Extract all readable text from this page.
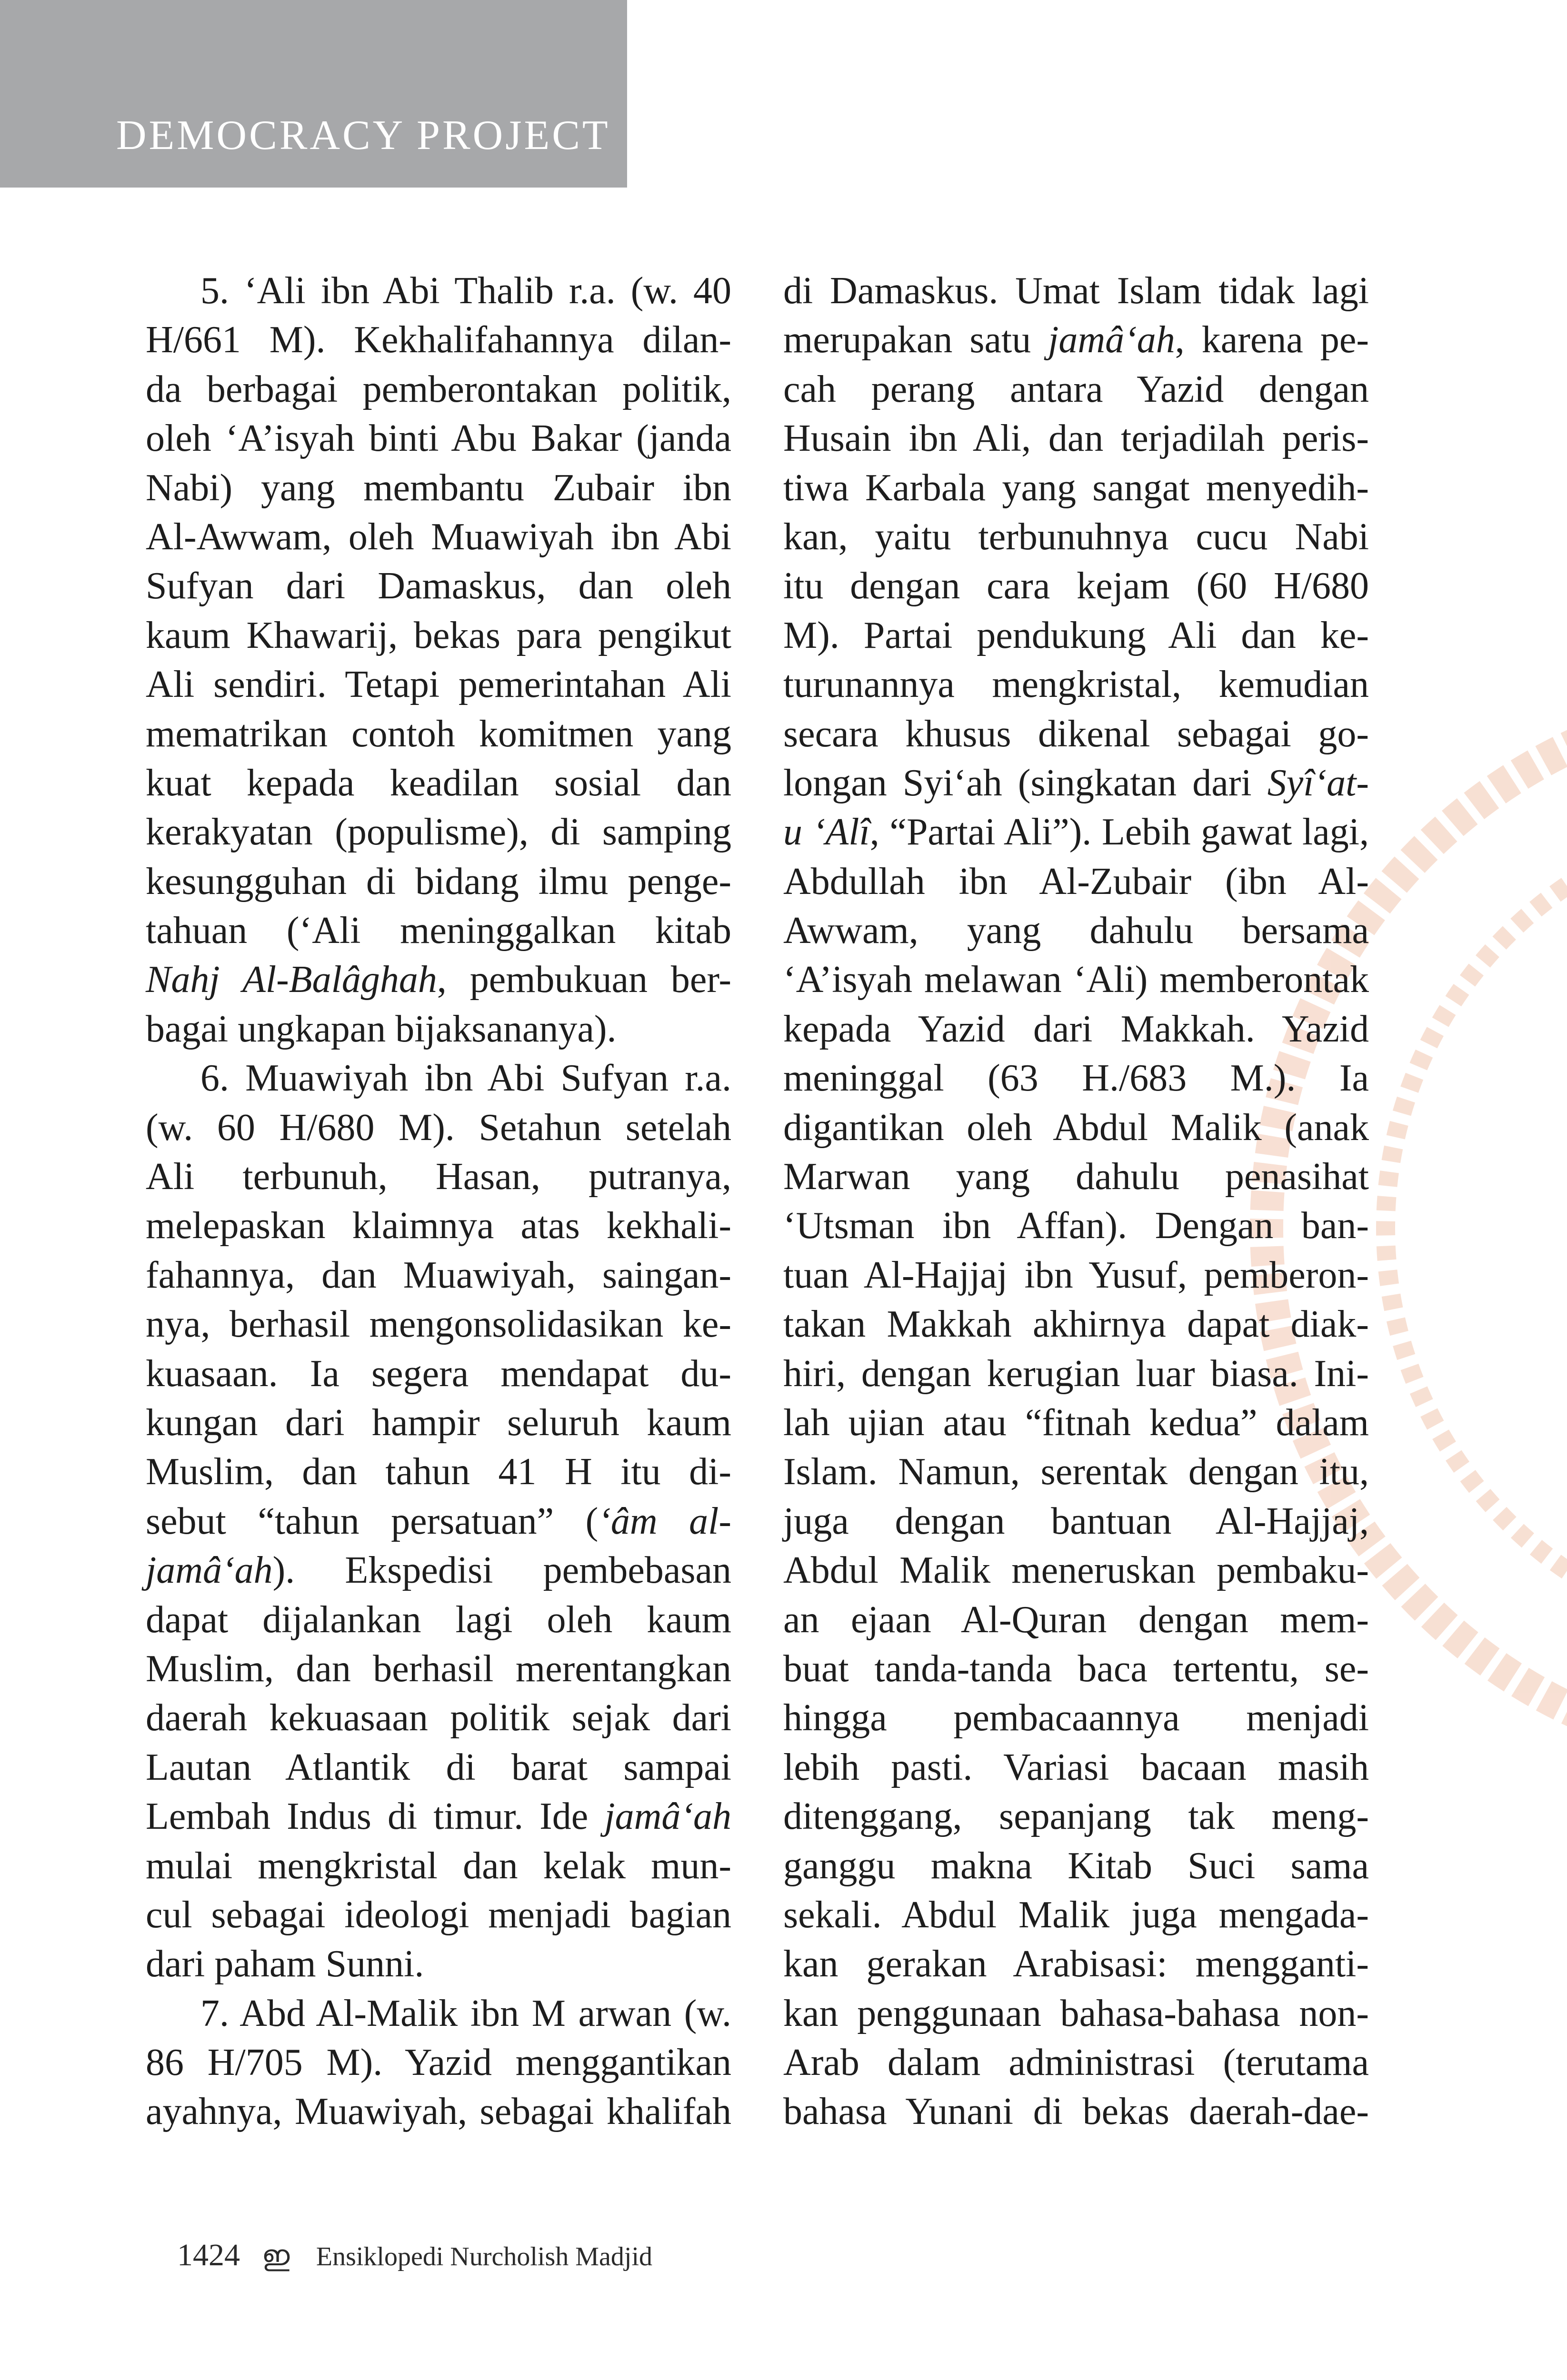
DEMOCRACY PROJECT
5. ‘Ali ibn Abi Thalib r.a. (w. 40
H/661 M). Kekhalifahannya dilan-
da berbagai pemberontakan politik,
oleh ‘A’isyah binti Abu Bakar (janda
Nabi) yang membantu Zubair ibn
Al-Awwam, oleh Muawiyah ibn Abi
Sufyan dari Damaskus, dan oleh
kaum Khawarij, bekas para pengikut
Ali sendiri. Tetapi pemerintahan Ali
mematrikan contoh komitmen yang
kuat kepada keadilan sosial dan
kerakyatan (populisme), di samping
kesungguhan di bidang ilmu penge-
tahuan (‘Ali meninggalkan kitab
Nahj Al-Balâghah, pembukuan ber-
bagai ungkapan bijaksananya).
6. Muawiyah ibn Abi Sufyan r.a.
(w. 60 H/680 M). Setahun setelah
Ali terbunuh, Hasan, putranya,
melepaskan klaimnya atas kekhali-
fahannya, dan Muawiyah, saingan-
nya, berhasil mengonsolidasikan ke-
kuasaan. Ia segera mendapat du-
kungan dari hampir seluruh kaum
Muslim, dan tahun 41 H itu di-
sebut “tahun persatuan” (‘âm al-
jamâ‘ah). Ekspedisi pembebasan
dapat dijalankan lagi oleh kaum
Muslim, dan berhasil merentangkan
daerah kekuasaan politik sejak dari
Lautan Atlantik di barat sampai
Lembah Indus di timur. Ide jamâ‘ah
mulai mengkristal dan kelak mun-
cul sebagai ideologi menjadi bagian
dari paham Sunni.
7. Abd Al-Malik ibn M arwan (w.
86 H/705 M). Yazid menggantikan
ayahnya, Muawiyah, sebagai khalifah
di Damaskus. Umat Islam tidak lagi
merupakan satu jamâ‘ah, karena pe-
cah perang antara Yazid dengan
Husain ibn Ali, dan terjadilah peris-
tiwa Karbala yang sangat menyedih-
kan, yaitu terbunuhnya cucu Nabi
itu dengan cara kejam (60 H/680
M). Partai pendukung Ali dan ke-
turunannya mengkristal, kemudian
secara khusus dikenal sebagai go-
longan Syi‘ah (singkatan dari Syî‘at-
u ‘Alî, “Partai Ali”). Lebih gawat lagi,
Abdullah ibn Al-Zubair (ibn Al-
Awwam, yang dahulu bersama
‘A’isyah melawan ‘Ali) memberontak
kepada Yazid dari Makkah. Yazid
meninggal (63 H./683 M.). Ia
digantikan oleh Abdul Malik (anak
Marwan yang dahulu penasihat
‘Utsman ibn Affan). Dengan ban-
tuan Al-Hajjaj ibn Yusuf, pemberon-
takan Makkah akhirnya dapat diak-
hiri, dengan kerugian luar biasa. Ini-
lah ujian atau “fitnah kedua” dalam
Islam. Namun, serentak dengan itu,
juga dengan bantuan Al-Hajjaj,
Abdul Malik meneruskan pembaku-
an ejaan Al-Quran dengan mem-
buat tanda-tanda baca tertentu, se-
hingga pembacaannya menjadi
lebih pasti. Variasi bacaan masih
ditenggang, sepanjang tak meng-
ganggu makna Kitab Suci sama
sekali. Abdul Malik juga mengada-
kan gerakan Arabisasi: mengganti-
kan penggunaan bahasa-bahasa non-
Arab dalam administrasi (terutama
bahasa Yunani di bekas daerah-dae-
1424 ഇ Ensiklopedi Nurcholish Madjid
